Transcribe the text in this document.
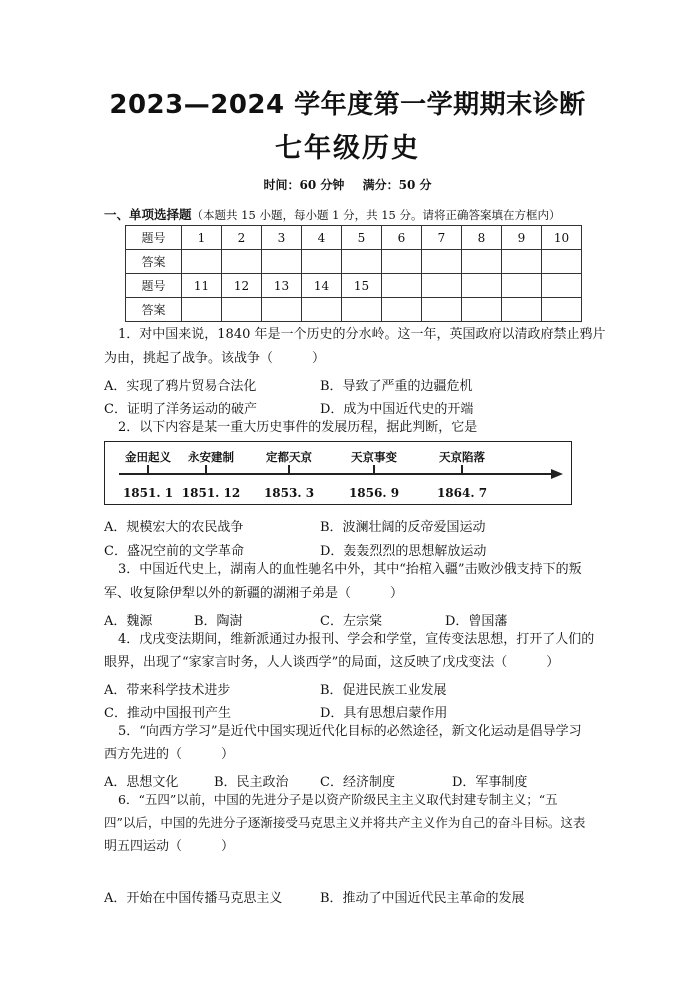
2023—2024 学年度第一学期期末诊断
七年级历史
时间：60 分钟 满分：50 分
一、单项选择题（本题共 15 小题，每小题 1 分，共 15 分。请将正确答案填在方框内）
题号	1	2	3	4	5	6	7	8	9	10
答案										
题号	11	12	13	14	15					
答案										
1．对中国来说，1840 年是一个历史的分水岭。这一年，英国政府以清政府禁止鸦片
为由，挑起了战争。该战争（　　　）
A．实现了鸦片贸易合法化	B．导致了严重的边疆危机
C．证明了洋务运动的破产	D．成为中国近代史的开端
2．以下内容是某一重大历史事件的发展历程，据此判断，它是
金田起义 永安建制	定都天京	天京事变	天京陷落
1851. 1 1851. 12 1853. 3	1856. 9	1864. 7
A．规模宏大的农民战争	B．波澜壮阔的反帝爱国运动
C．盛况空前的文学革命	D．轰轰烈烈的思想解放运动
3．中国近代史上，湖南人的血性驰名中外，其中“抬棺入疆”击败沙俄支持下的叛
军、收复除伊犁以外的新疆的湖湘子弟是（　　　）
A．魏源	B．陶澍	C．左宗棠	D．曾国藩
4．戊戌变法期间，维新派通过办报刊、学会和学堂，宣传变法思想，打开了人们的
眼界，出现了“家家言时务，人人谈西学”的局面，这反映了戊戌变法（　　　）
A．带来科学技术进步	B．促进民族工业发展
C．推动中国报刊产生	D．具有思想启蒙作用
5．“向西方学习”是近代中国实现近代化目标的必然途径，新文化运动是倡导学习
西方先进的（　　　）
A．思想文化	B．民主政治 C．经济制度	D．军事制度
6．“五四”以前，中国的先进分子是以资产阶级民主主义取代封建专制主义；“五
四”以后，中国的先进分子逐渐接受马克思主义并将共产主义作为自己的奋斗目标。这表
明五四运动（　　　）
A．开始在中国传播马克思主义	B．推动了中国近代民主革命的发展
